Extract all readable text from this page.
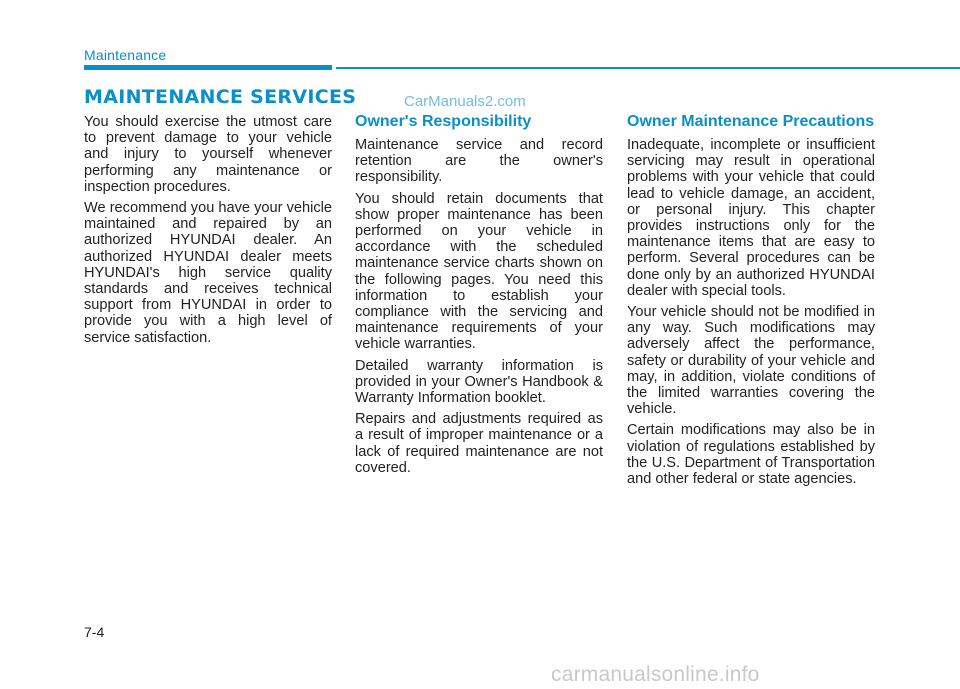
Maintenance
MAINTENANCE SERVICES	CarManuals2.com

You should exercise the utmost care to prevent damage to your vehicle and injury to yourself whenever performing any maintenance or inspection procedures.

We recommend you have your vehicle maintained and repaired by an authorized HYUNDAI dealer. An authorized HYUNDAI dealer meets HYUNDAI's high service quality standards and receives technical support from HYUNDAI in order to provide you with a high level of service satisfaction.

Owner's Responsibility

Maintenance service and record retention are the owner's responsibility.

You should retain documents that show proper maintenance has been performed on your vehicle in accordance with the scheduled maintenance service charts shown on the following pages. You need this information to establish your compliance with the servicing and maintenance requirements of your vehicle warranties.

Detailed warranty information is provided in your Owner's Handbook & Warranty Information booklet.

Repairs and adjustments required as a result of improper maintenance or a lack of required maintenance are not covered.

Owner Maintenance Precautions

Inadequate, incomplete or insufficient servicing may result in operational problems with your vehicle that could lead to vehicle damage, an accident, or personal injury. This chapter provides instructions only for the maintenance items that are easy to perform. Several procedures can be done only by an authorized HYUNDAI dealer with special tools.

Your vehicle should not be modified in any way. Such modifications may adversely affect the performance, safety or durability of your vehicle and may, in addition, violate conditions of the limited warranties covering the vehicle.

Certain modifications may also be in violation of regulations established by the U.S. Department of Transportation and other federal or state agencies.

7-4
carmanualsonline.info
